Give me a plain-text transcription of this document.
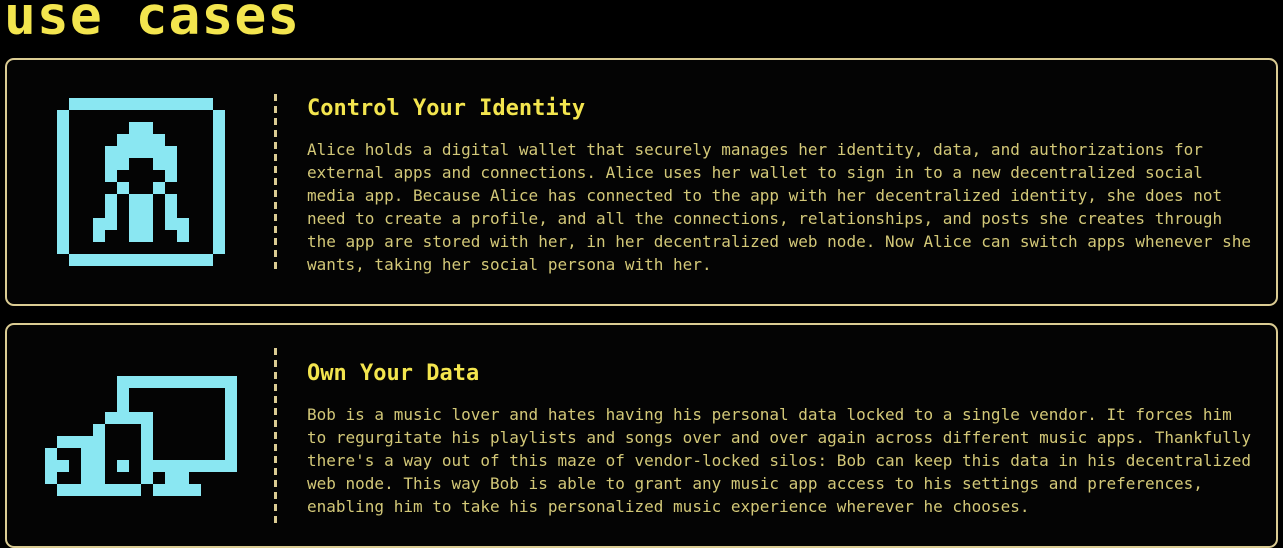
use cases
Control Your Identity

Alice holds a digital wallet that securely manages her identity, data, and authorizations for external apps and connections. Alice uses her wallet to sign in to a new decentralized social media app. Because Alice has connected to the app with her decentralized identity, she does not need to create a profile, and all the connections, relationships, and posts she creates through the app are stored with her, in her decentralized web node. Now Alice can switch apps whenever she wants, taking her social persona with her.

Own Your Data

Bob is a music lover and hates having his personal data locked to a single vendor. It forces him to regurgitate his playlists and songs over and over again across different music apps. Thankfully there's a way out of this maze of vendor-locked silos: Bob can keep this data in his decentralized web node. This way Bob is able to grant any music app access to his settings and preferences, enabling him to take his personalized music experience wherever he chooses.
